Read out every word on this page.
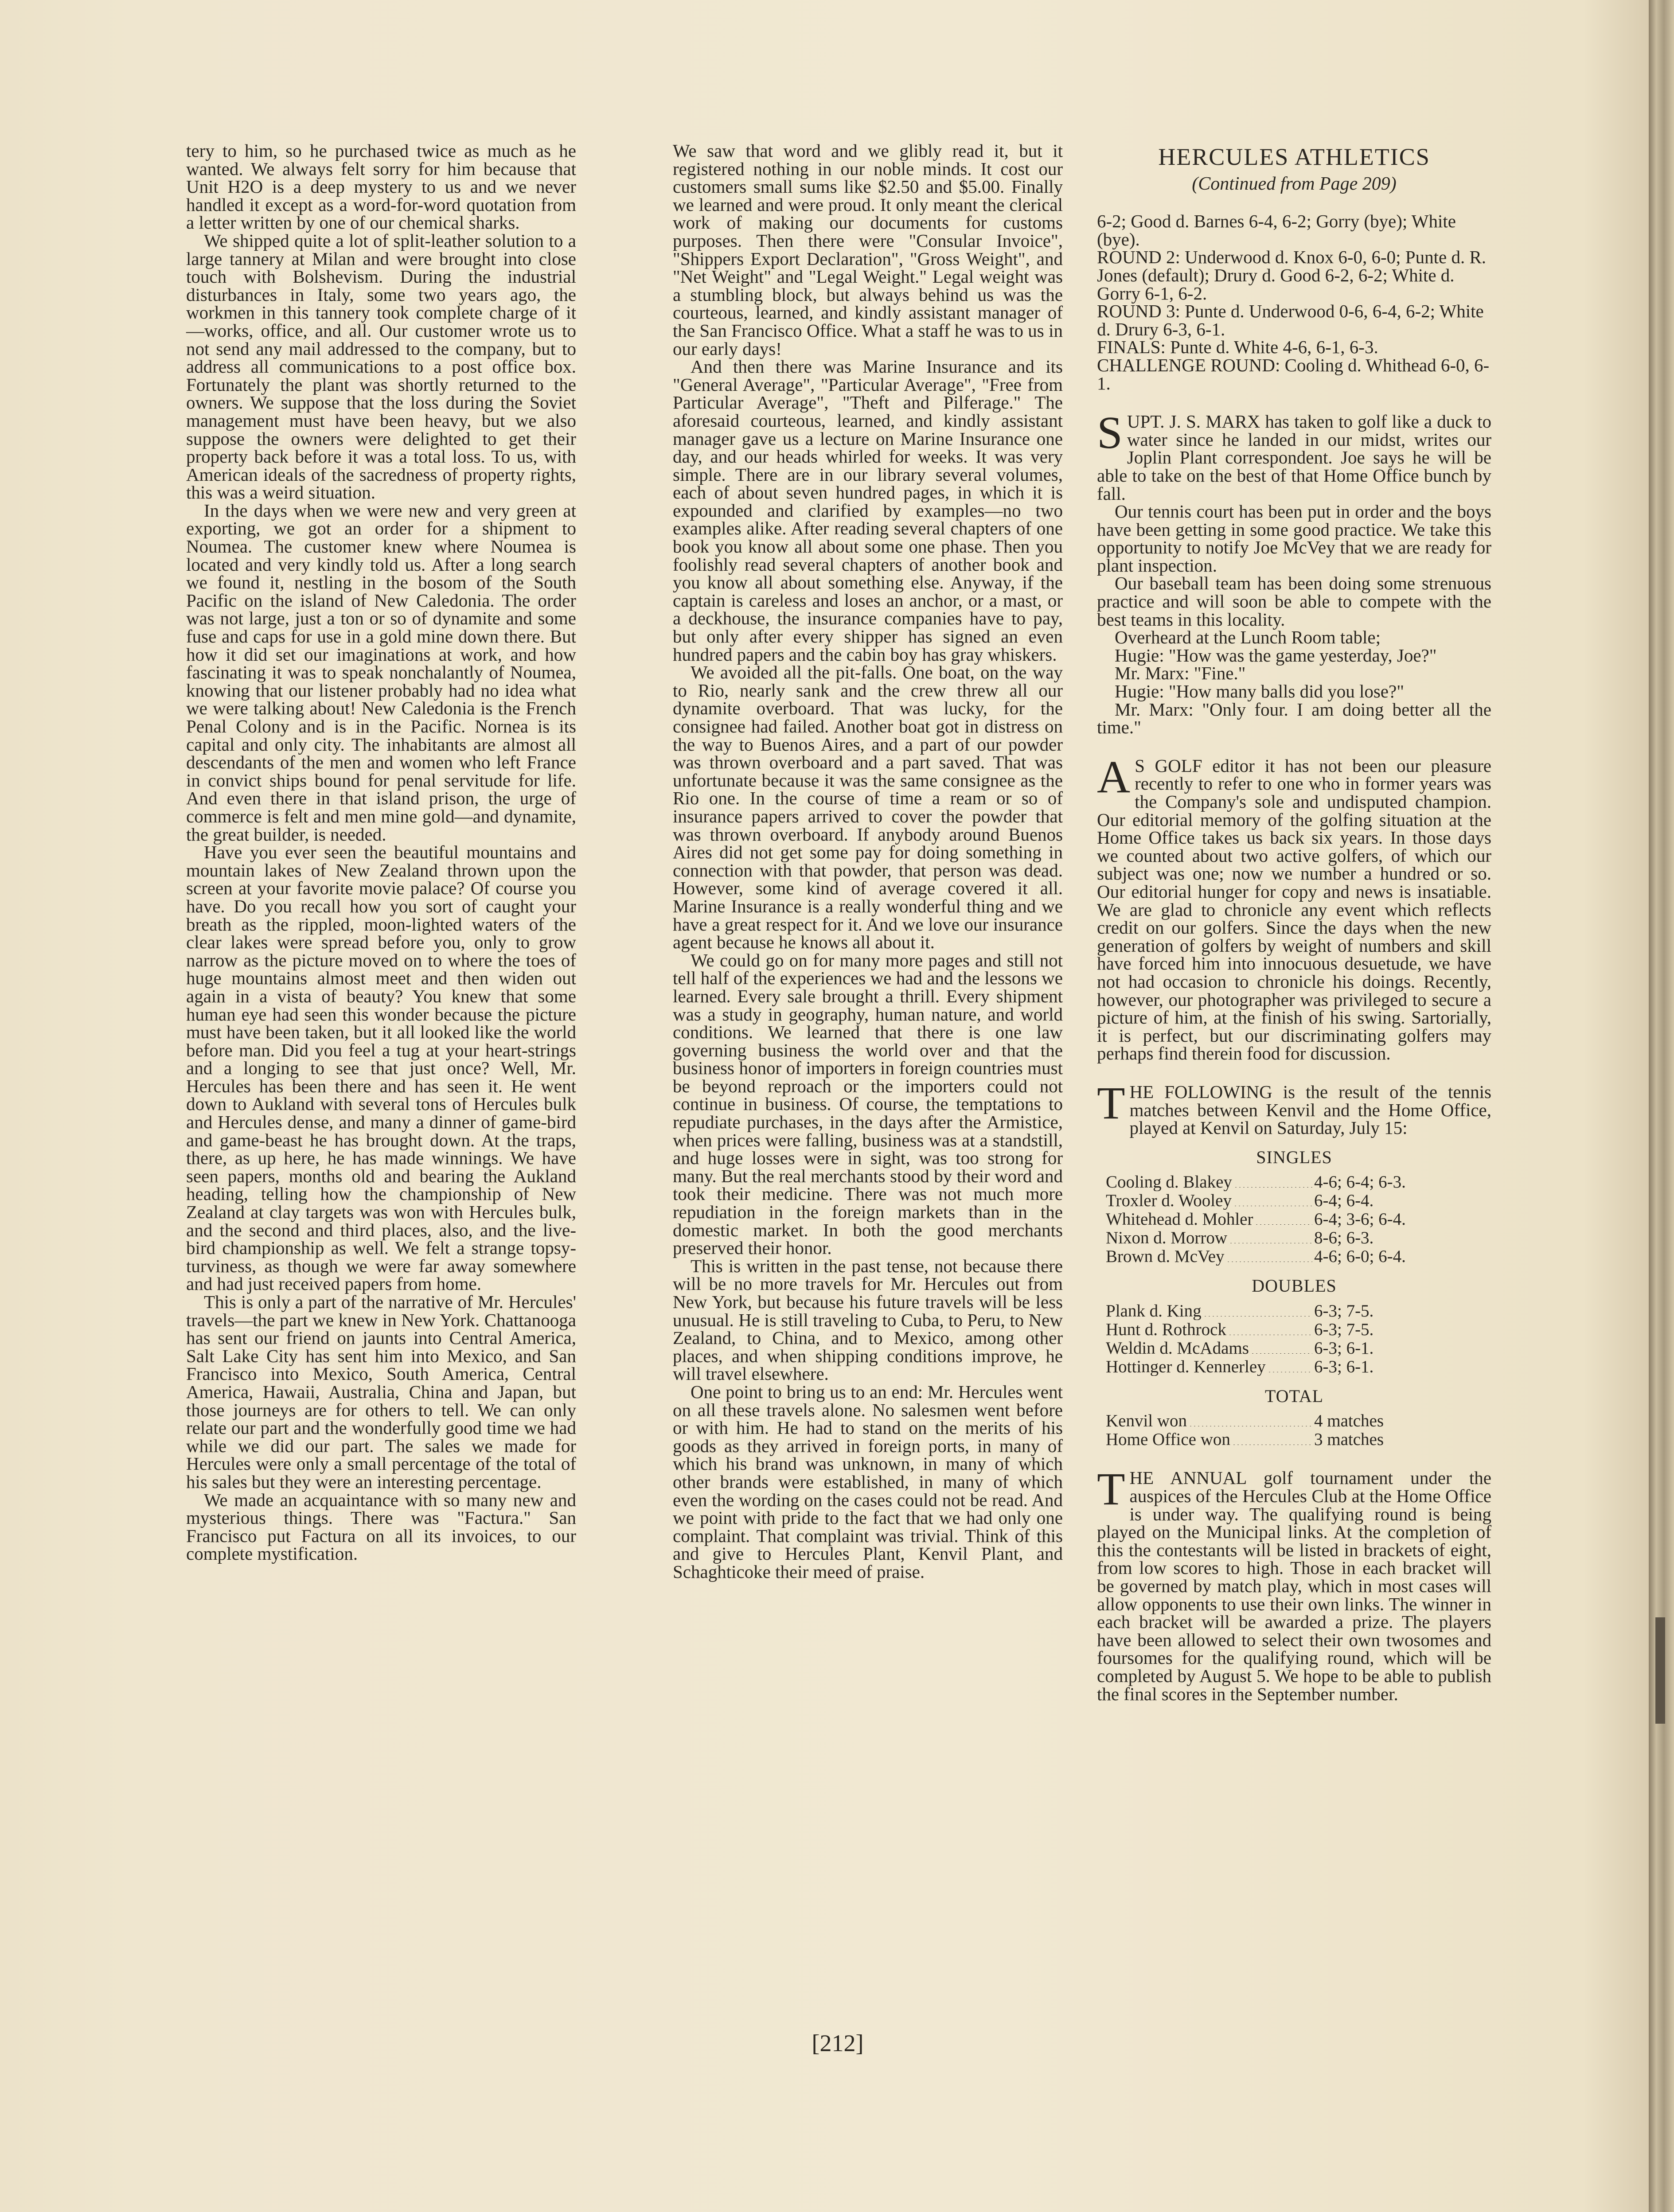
tery to him, so he purchased twice as much as he wanted. We always felt sorry for him because that Unit H2O is a deep mystery to us and we never handled it except as a word-for-word quotation from a letter written by one of our chemical sharks.

We shipped quite a lot of split-leather solution to a large tannery at Milan and were brought into close touch with Bolshevism. During the industrial disturbances in Italy, some two years ago, the workmen in this tannery took complete charge of it—works, office, and all. Our customer wrote us to not send any mail addressed to the company, but to address all communications to a post office box. Fortunately the plant was shortly returned to the owners. We suppose that the loss during the Soviet management must have been heavy, but we also suppose the owners were delighted to get their property back before it was a total loss. To us, with American ideals of the sacredness of property rights, this was a weird situation.

In the days when we were new and very green at exporting, we got an order for a shipment to Noumea. The customer knew where Noumea is located and very kindly told us. After a long search we found it, nestling in the bosom of the South Pacific on the island of New Caledonia. The order was not large, just a ton or so of dynamite and some fuse and caps for use in a gold mine down there. But how it did set our imaginations at work, and how fascinating it was to speak nonchalantly of Noumea, knowing that our listener probably had no idea what we were talking about! New Caledonia is the French Penal Colony and is in the Pacific. Nornea is its capital and only city. The inhabitants are almost all descendants of the men and women who left France in convict ships bound for penal servitude for life. And even there in that island prison, the urge of commerce is felt and men mine gold—and dynamite, the great builder, is needed.

Have you ever seen the beautiful mountains and mountain lakes of New Zealand thrown upon the screen at your favorite movie palace? Of course you have. Do you recall how you sort of caught your breath as the rippled, moon-lighted waters of the clear lakes were spread before you, only to grow narrow as the picture moved on to where the toes of huge mountains almost meet and then widen out again in a vista of beauty? You knew that some human eye had seen this wonder because the picture must have been taken, but it all looked like the world before man. Did you feel a tug at your heart-strings and a longing to see that just once? Well, Mr. Hercules has been there and has seen it. He went down to Aukland with several tons of Hercules bulk and Hercules dense, and many a dinner of game-bird and game-beast he has brought down. At the traps, there, as up here, he has made winnings. We have seen papers, months old and bearing the Aukland heading, telling how the championship of New Zealand at clay targets was won with Hercules bulk, and the second and third places, also, and the live-bird championship as well. We felt a strange topsy-turviness, as though we were far away somewhere and had just received papers from home.

This is only a part of the narrative of Mr. Hercules' travels—the part we knew in New York. Chattanooga has sent our friend on jaunts into Central America, Salt Lake City has sent him into Mexico, and San Francisco into Mexico, South America, Central America, Hawaii, Australia, China and Japan, but those journeys are for others to tell. We can only relate our part and the wonderfully good time we had while we did our part. The sales we made for Hercules were only a small percentage of the total of his sales but they were an interesting percentage.

We made an acquaintance with so many new and mysterious things. There was "Factura." San Francisco put Factura on all its invoices, to our complete mystification.

We saw that word and we glibly read it, but it registered nothing in our noble minds. It cost our customers small sums like $2.50 and $5.00. Finally we learned and were proud. It only meant the clerical work of making our documents for customs purposes. Then there were "Consular Invoice", "Shippers Export Declaration", "Gross Weight", and "Net Weight" and "Legal Weight." Legal weight was a stumbling block, but always behind us was the courteous, learned, and kindly assistant manager of the San Francisco Office. What a staff he was to us in our early days!

And then there was Marine Insurance and its "General Average", "Particular Average", "Free from Particular Average", "Theft and Pilferage." The aforesaid courteous, learned, and kindly assistant manager gave us a lecture on Marine Insurance one day, and our heads whirled for weeks. It was very simple. There are in our library several volumes, each of about seven hundred pages, in which it is expounded and clarified by examples—no two examples alike. After reading several chapters of one book you know all about some one phase. Then you foolishly read several chapters of another book and you know all about something else. Anyway, if the captain is careless and loses an anchor, or a mast, or a deckhouse, the insurance companies have to pay, but only after every shipper has signed an even hundred papers and the cabin boy has gray whiskers.

We avoided all the pit-falls. One boat, on the way to Rio, nearly sank and the crew threw all our dynamite overboard. That was lucky, for the consignee had failed. Another boat got in distress on the way to Buenos Aires, and a part of our powder was thrown overboard and a part saved. That was unfortunate because it was the same consignee as the Rio one. In the course of time a ream or so of insurance papers arrived to cover the powder that was thrown overboard. If anybody around Buenos Aires did not get some pay for doing something in connection with that powder, that person was dead. However, some kind of average covered it all. Marine Insurance is a really wonderful thing and we have a great respect for it. And we love our insurance agent because he knows all about it.

We could go on for many more pages and still not tell half of the experiences we had and the lessons we learned. Every sale brought a thrill. Every shipment was a study in geography, human nature, and world conditions. We learned that there is one law governing business the world over and that the business honor of importers in foreign countries must be beyond reproach or the importers could not continue in business. Of course, the temptations to repudiate purchases, in the days after the Armistice, when prices were falling, business was at a standstill, and huge losses were in sight, was too strong for many. But the real merchants stood by their word and took their medicine. There was not much more repudiation in the foreign markets than in the domestic market. In both the good merchants preserved their honor.

This is written in the past tense, not because there will be no more travels for Mr. Hercules out from New York, but because his future travels will be less unusual. He is still traveling to Cuba, to Peru, to New Zealand, to China, and to Mexico, among other places, and when shipping conditions improve, he will travel elsewhere.

One point to bring us to an end: Mr. Hercules went on all these travels alone. No salesmen went before or with him. He had to stand on the merits of his goods as they arrived in foreign ports, in many of which his brand was unknown, in many of which other brands were established, in many of which even the wording on the cases could not be read. And we point with pride to the fact that we had only one complaint. That complaint was trivial. Think of this and give to Hercules Plant, Kenvil Plant, and Schaghticoke their meed of praise.

HERCULES ATHLETICS
(Continued from Page 209)

6-2; Good d. Barnes 6-4, 6-2; Gorry (bye); White (bye).

ROUND 2: Underwood d. Knox 6-0, 6-0; Punte d. R. Jones (default); Drury d. Good 6-2, 6-2; White d. Gorry 6-1, 6-2.

ROUND 3: Punte d. Underwood 0-6, 6-4, 6-2; White d. Drury 6-3, 6-1.

FINALS: Punte d. White 4-6, 6-1, 6-3.

CHALLENGE ROUND: Cooling d. Whithead 6-0, 6-1.

SUPT. J. S. MARX has taken to golf like a duck to water since he landed in our midst, writes our Joplin Plant correspondent. Joe says he will be able to take on the best of that Home Office bunch by fall.

Our tennis court has been put in order and the boys have been getting in some good practice. We take this opportunity to notify Joe McVey that we are ready for plant inspection.

Our baseball team has been doing some strenuous practice and will soon be able to compete with the best teams in this locality.

Overheard at the Lunch Room table;

Hugie: "How was the game yesterday, Joe?"

Mr. Marx: "Fine."

Hugie: "How many balls did you lose?"

Mr. Marx: "Only four. I am doing better all the time."

A S GOLF editor it has not been our pleasure recently to refer to one who in former years was the Company's sole and undisputed champion. Our editorial memory of the golfing situation at the Home Office takes us back six years. In those days we counted about two active golfers, of which our subject was one; now we number a hundred or so. Our editorial hunger for copy and news is insatiable. We are glad to chronicle any event which reflects credit on our golfers. Since the days when the new generation of golfers by weight of numbers and skill have forced him into innocuous desuetude, we have not had occasion to chronicle his doings. Recently, however, our photographer was privileged to secure a picture of him, at the finish of his swing. Sartorially, it is perfect, but our discriminating golfers may perhaps find therein food for discussion.

THE FOLLOWING is the result of the tennis matches between Kenvil and the Home Office, played at Kenvil on Saturday, July 15:

SINGLES
Cooling d. Blakey	4-6; 6-4; 6-3.
Troxler d. Wooley	6-4; 6-4.
Whitehead d. Mohler	6-4; 3-6; 6-4.
Nixon d. Morrow	8-6; 6-3.
Brown d. McVey	4-6; 6-0; 6-4.
DOUBLES
Plank d. King	6-3; 7-5.
Hunt d. Rothrock	6-3; 7-5.
Weldin d. McAdams	6-3; 6-1.
Hottinger d. Kennerley	6-3; 6-1.
TOTAL
Kenvil won	4 matches
Home Office won	3 matches

THE ANNUAL golf tournament under the auspices of the Hercules Club at the Home Office is under way. The qualifying round is being played on the Municipal links. At the completion of this the contestants will be listed in brackets of eight, from low scores to high. Those in each bracket will be governed by match play, which in most cases will allow opponents to use their own links. The winner in each bracket will be awarded a prize. The players have been allowed to select their own twosomes and foursomes for the qualifying round, which will be completed by August 5. We hope to be able to publish the final scores in the September number.

[212]
